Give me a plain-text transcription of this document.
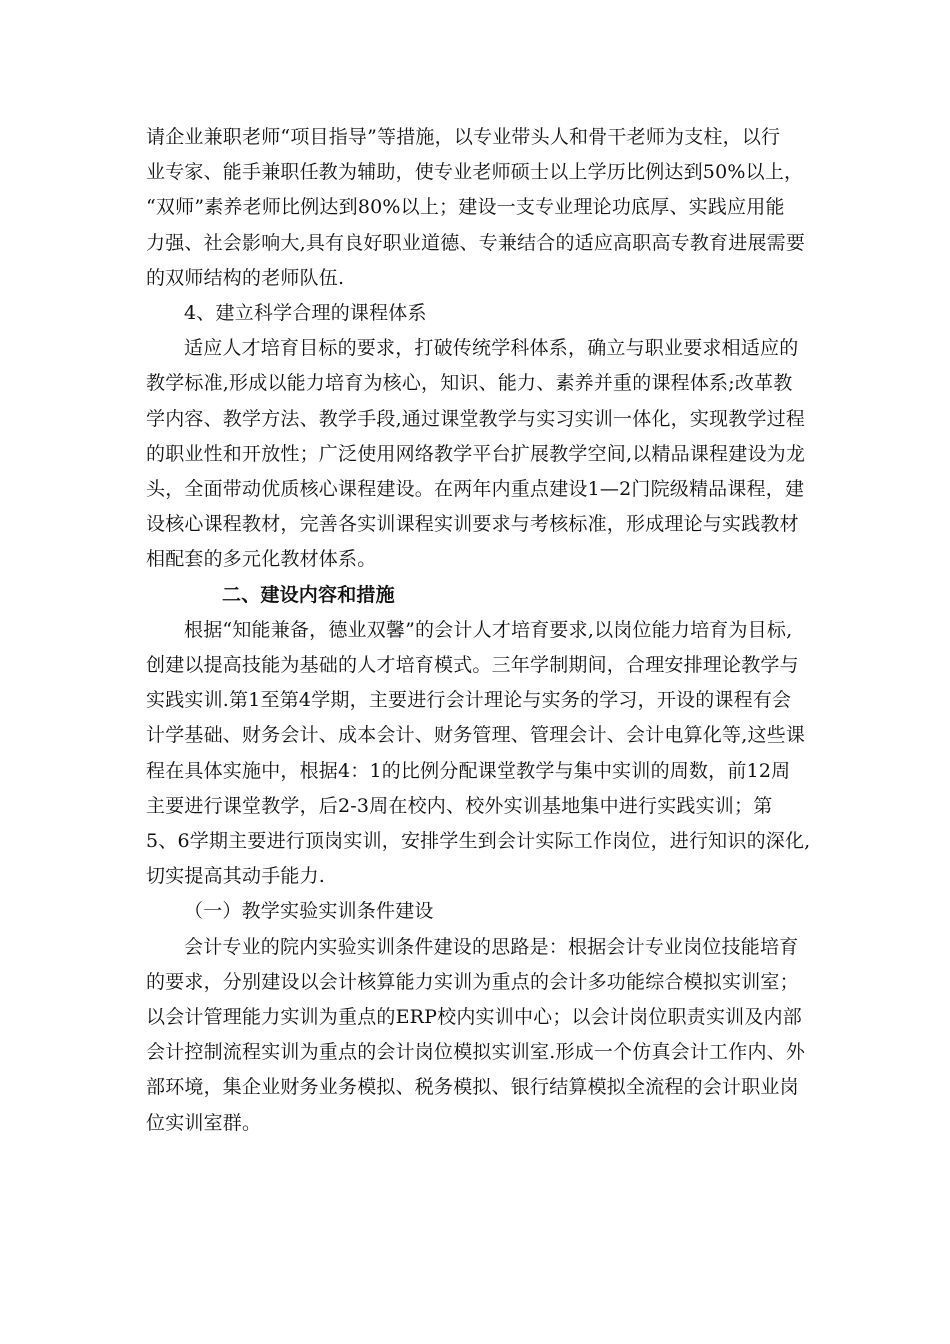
请企业兼职老师“项目指导”等措施，以专业带头人和骨干老师为支柱，以行
业专家、能手兼职任教为辅助，使专业老师硕士以上学历比例达到50%以上，
“双师”素养老师比例达到80%以上；建设一支专业理论功底厚、实践应用能
力强、社会影响大,具有良好职业道德、专兼结合的适应高职高专教育进展需要
的双师结构的老师队伍.
4、建立科学合理的课程体系
适应人才培育目标的要求，打破传统学科体系，确立与职业要求相适应的
教学标准,形成以能力培育为核心，知识、能力、素养并重的课程体系;改革教
学内容、教学方法、教学手段,通过课堂教学与实习实训一体化，实现教学过程
的职业性和开放性；广泛使用网络教学平台扩展教学空间,以精品课程建设为龙
头，全面带动优质核心课程建设。在两年内重点建设1—2门院级精品课程，建
设核心课程教材，完善各实训课程实训要求与考核标准，形成理论与实践教材
相配套的多元化教材体系。
二、建设内容和措施
根据“知能兼备，德业双馨”的会计人才培育要求,以岗位能力培育为目标,
创建以提高技能为基础的人才培育模式。三年学制期间，合理安排理论教学与
实践实训.第1至第4学期，主要进行会计理论与实务的学习，开设的课程有会
计学基础、财务会计、成本会计、财务管理、管理会计、会计电算化等,这些课
程在具体实施中，根据4：1的比例分配课堂教学与集中实训的周数，前12周
主要进行课堂教学，后2-3周在校内、校外实训基地集中进行实践实训；第
5、6学期主要进行顶岗实训，安排学生到会计实际工作岗位，进行知识的深化,
切实提高其动手能力.
（一）教学实验实训条件建设
会计专业的院内实验实训条件建设的思路是：根据会计专业岗位技能培育
的要求，分别建设以会计核算能力实训为重点的会计多功能综合模拟实训室；
以会计管理能力实训为重点的ERP校内实训中心；以会计岗位职责实训及内部
会计控制流程实训为重点的会计岗位模拟实训室.形成一个仿真会计工作内、外
部环境，集企业财务业务模拟、税务模拟、银行结算模拟全流程的会计职业岗
位实训室群。
